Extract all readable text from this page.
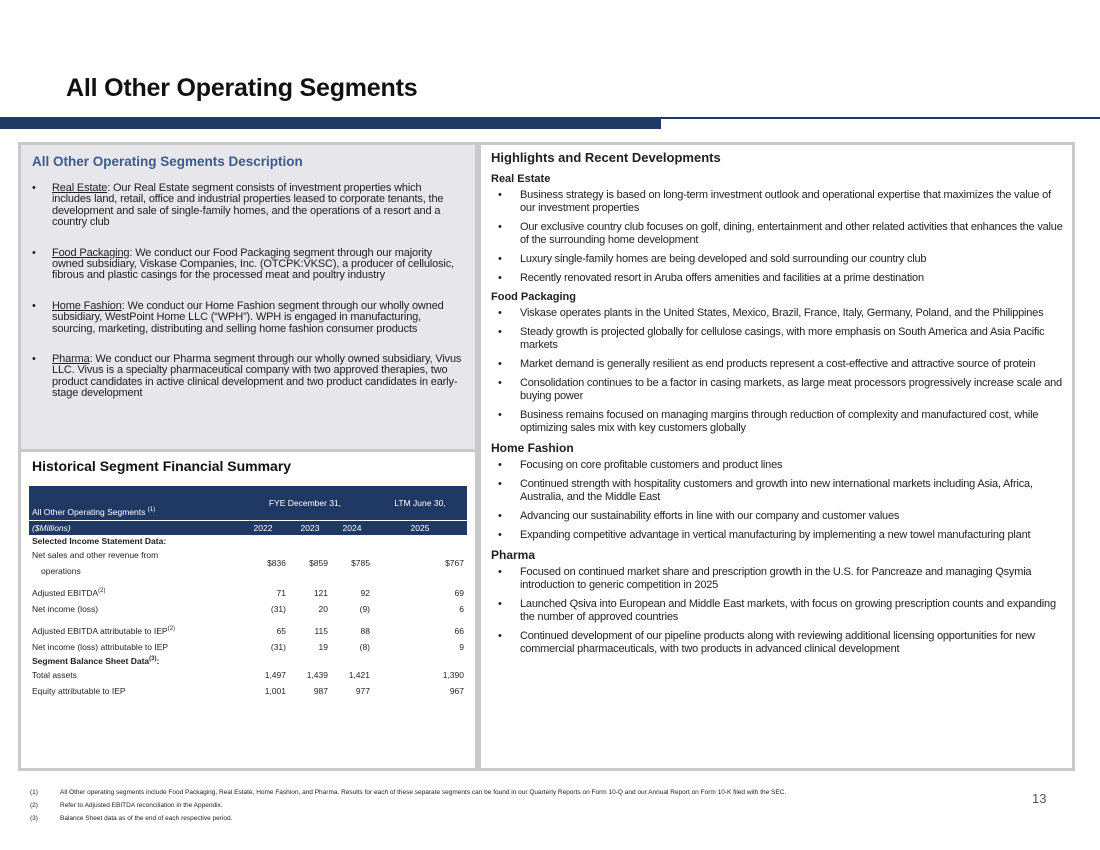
All Other Operating Segments
All Other Operating Segments Description
• Real Estate: Our Real Estate segment consists of investment properties which includes land, retail, office and industrial properties leased to corporate tenants, the development and sale of single-family homes, and the operations of a resort and a country club
• Food Packaging: We conduct our Food Packaging segment through our majority owned subsidiary, Viskase Companies, Inc. (OTCPK:VKSC), a producer of cellulosic, fibrous and plastic casings for the processed meat and poultry industry
• Home Fashion: We conduct our Home Fashion segment through our wholly owned subsidiary, WestPoint Home LLC (“WPH”). WPH is engaged in manufacturing, sourcing, marketing, distributing and selling home fashion consumer products
• Pharma: We conduct our Pharma segment through our wholly owned subsidiary, Vivus LLC. Vivus is a specialty pharmaceutical company with two approved therapies, two product candidates in active clinical development and two product candidates in early-stage development
Historical Segment Financial Summary
All Other Operating Segments $^{(1)}$	FYE December 31,			LTM June 30,
($Millions)	2022	2023	2024	2025
Selected Income Statement Data:				
Net sales and other revenue from	$836	$859	$785	$767
operations				

Adjusted EBITDA$^{(2)}$	71	121	92	69
Net income (loss)	(31)	20	(9)	6

Adjusted EBITDA attributable to IEP$^{(2)}$	65	115	88	66
Net income (loss) attributable to IEP	(31)	19	(8)	9
Segment Balance Sheet Data$^{(3)}$:				
Total assets	1,497	1,439	1,421	1,390
Equity attributable to IEP	1,001	987	977	967
Highlights and Recent Developments
Real Estate
• Business strategy is based on long-term investment outlook and operational expertise that maximizes the value of our investment properties
• Our exclusive country club focuses on golf, dining, entertainment and other related activities that enhances the value of the surrounding home development
• Luxury single-family homes are being developed and sold surrounding our country club
• Recently renovated resort in Aruba offers amenities and facilities at a prime destination
Food Packaging
• Viskase operates plants in the United States, Mexico, Brazil, France, Italy, Germany, Poland, and the Philippines
• Steady growth is projected globally for cellulose casings, with more emphasis on South America and Asia Pacific markets
• Market demand is generally resilient as end products represent a cost-effective and attractive source of protein
• Consolidation continues to be a factor in casing markets, as large meat processors progressively increase scale and buying power
• Business remains focused on managing margins through reduction of complexity and manufactured cost, while optimizing sales mix with key customers globally
Home Fashion
• Focusing on core profitable customers and product lines
• Continued strength with hospitality customers and growth into new international markets including Asia, Africa, Australia, and the Middle East
• Advancing our sustainability efforts in line with our company and customer values
• Expanding competitive advantage in vertical manufacturing by implementing a new towel manufacturing plant
Pharma
• Focused on continued market share and prescription growth in the U.S. for Pancreaze and managing Qsymia introduction to generic competition in 2025
• Launched Qsiva into European and Middle East markets, with focus on growing prescription counts and expanding the number of approved countries
• Continued development of our pipeline products along with reviewing additional licensing opportunities for new commercial pharmaceuticals, with two products in advanced clinical development
(1)	All Other operating segments include Food Packaging, Real Estate, Home Fashion, and Pharma. Results for each of these separate segments can be found in our Quarterly Reports on Form 10-Q and our Annual Report on Form 10-K filed with the SEC.
(2)	Refer to Adjusted EBITDA reconciliation in the Appendix.
(3)	Balance Sheet data as of the end of each respective period.
13
